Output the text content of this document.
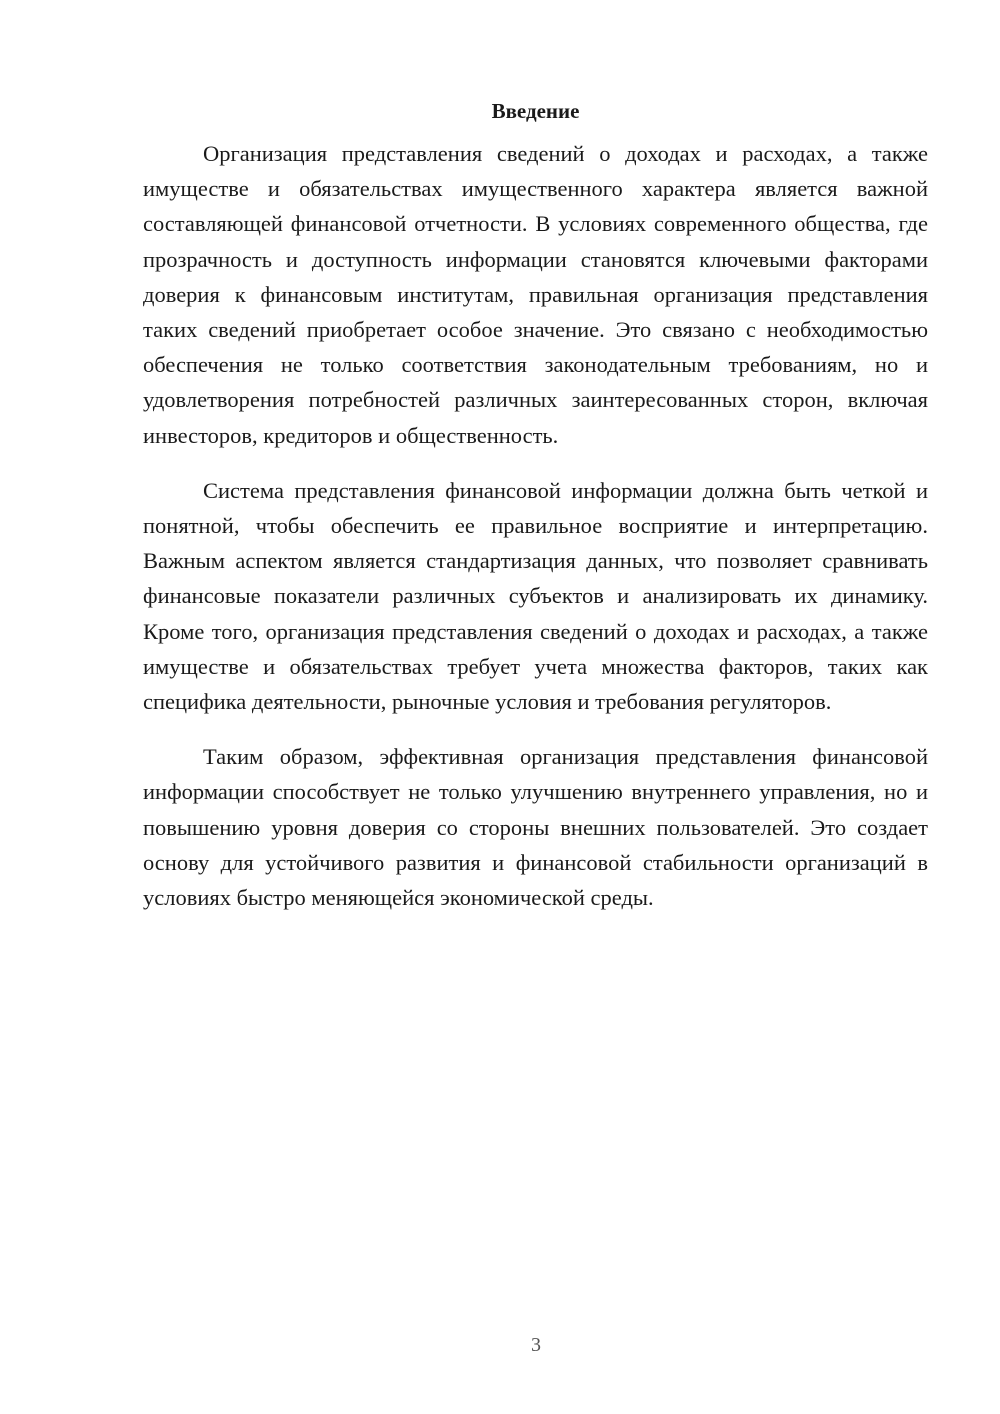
Введение

Организация представления сведений о доходах и расходах, а также имуществе и обязательствах имущественного характера является важной составляющей финансовой отчетности. В условиях современного общества, где прозрачность и доступность информации становятся ключевыми факторами доверия к финансовым институтам, правильная организация представления таких сведений приобретает особое значение. Это связано с необходимостью обеспечения не только соответствия законодательным требованиям, но и удовлетворения потребностей различных заинтересованных сторон, включая инвесторов, кредиторов и общественность.

Система представления финансовой информации должна быть четкой и понятной, чтобы обеспечить ее правильное восприятие и интерпретацию. Важным аспектом является стандартизация данных, что позволяет сравнивать финансовые показатели различных субъектов и анализировать их динамику. Кроме того, организация представления сведений о доходах и расходах, а также имуществе и обязательствах требует учета множества факторов, таких как специфика деятельности, рыночные условия и требования регуляторов.

Таким образом, эффективная организация представления финансовой информации способствует не только улучшению внутреннего управления, но и повышению уровня доверия со стороны внешних пользователей. Это создает основу для устойчивого развития и финансовой стабильности организаций в условиях быстро меняющейся экономической среды.

3
